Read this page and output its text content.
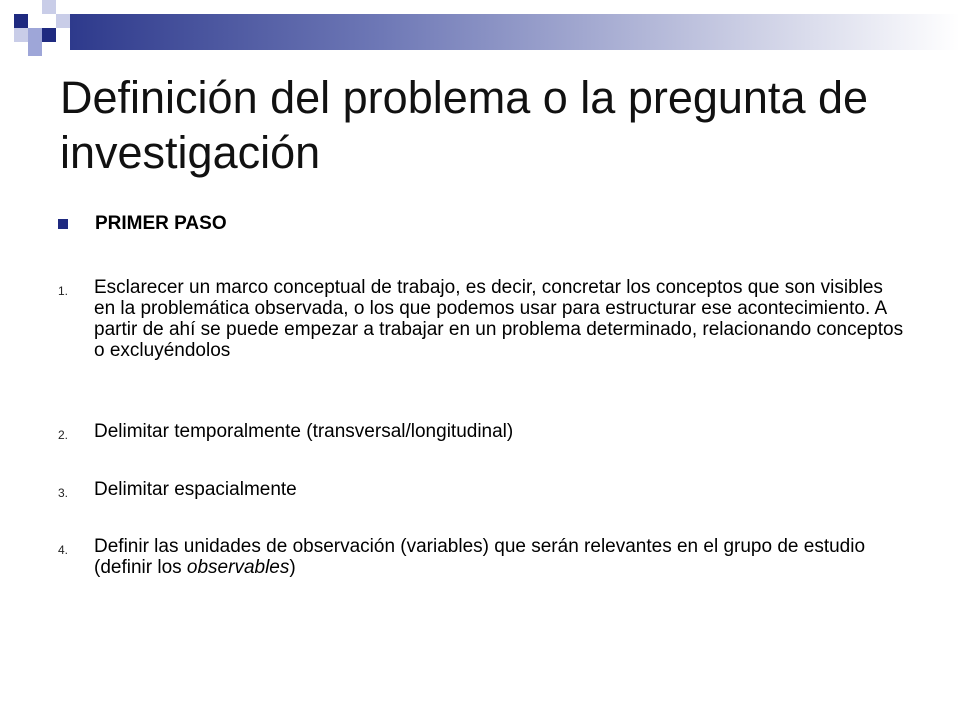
Definición del problema o la pregunta de investigación
PRIMER PASO
1.	Esclarecer un marco conceptual de trabajo, es decir, concretar los conceptos que son visibles en la problemática observada, o los que podemos usar para estructurar ese acontecimiento. A partir de ahí se puede empezar a trabajar en un problema determinado, relacionando conceptos o excluyéndolos
2.	Delimitar temporalmente (transversal/longitudinal)
3.	Delimitar espacialmente
4.	Definir las unidades de observación (variables) que serán relevantes en el grupo de estudio (definir los observables)
